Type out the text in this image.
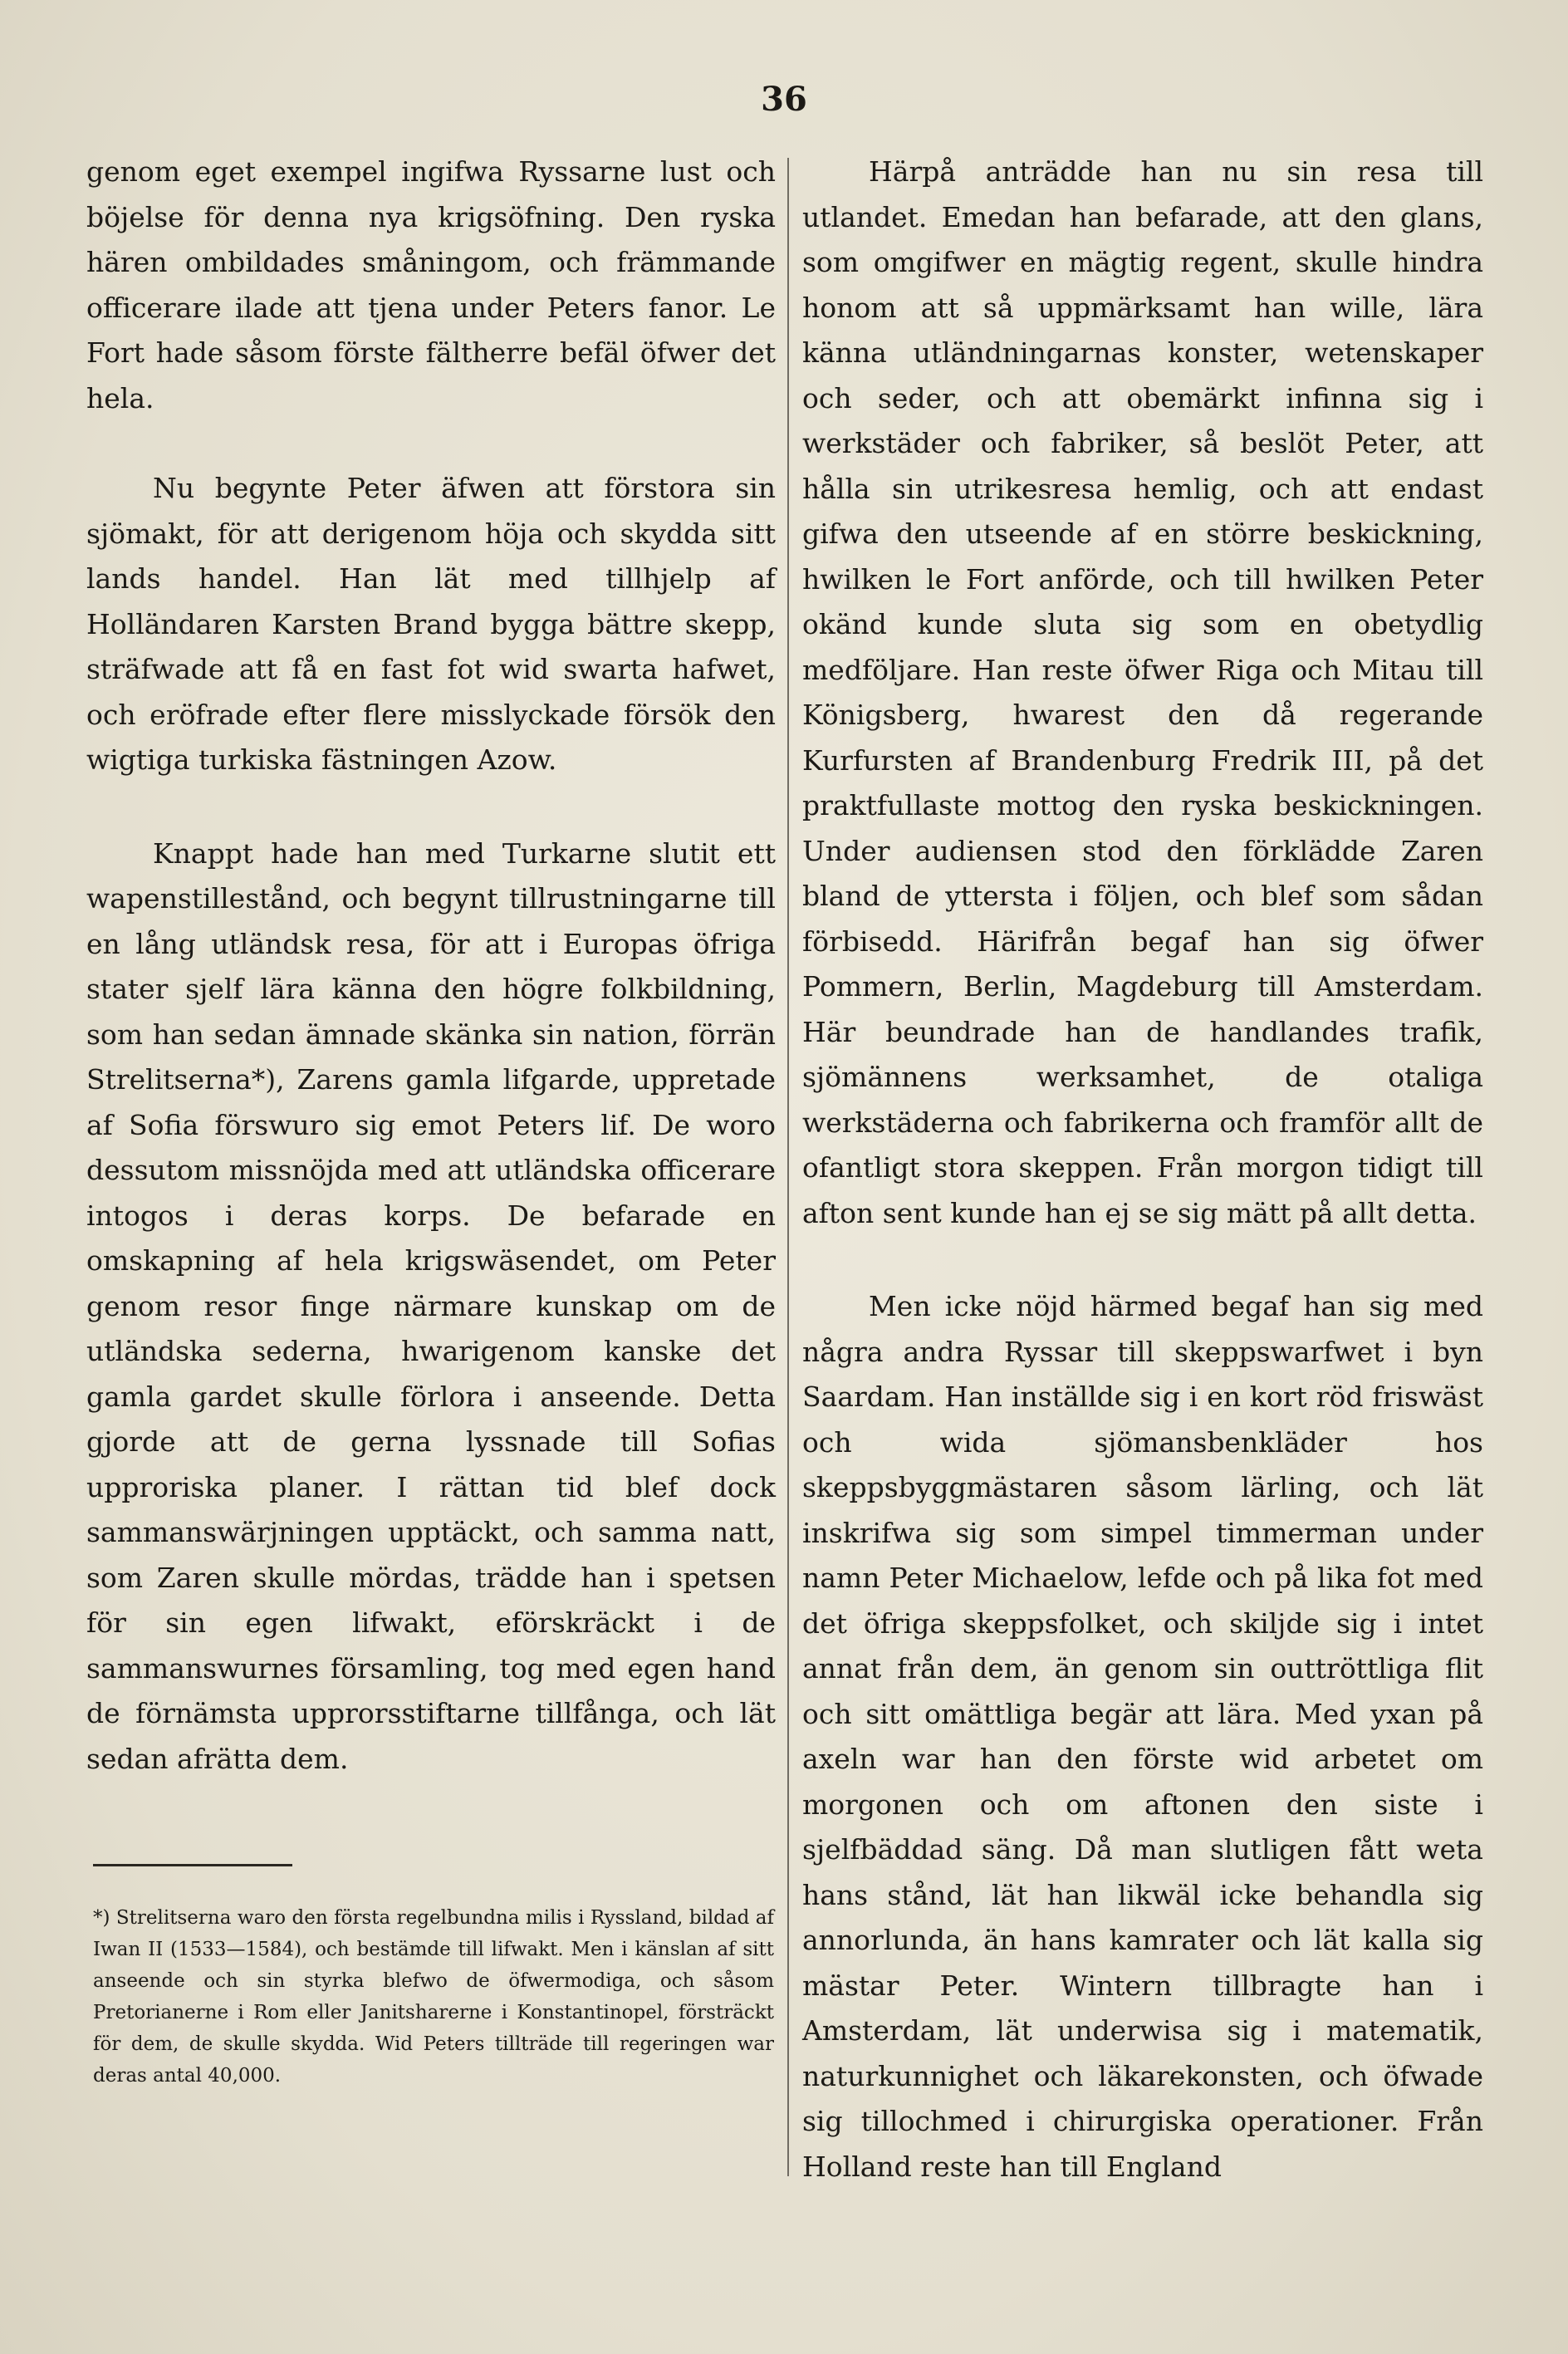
36

genom eget exempel ingifwa Ryssarne lust och böjelse för denna nya krigsöfning. Den ryska hären ombildades småningom, och främmande officerare ilade att tjena under Peters fanor. Le Fort hade såsom förste fältherre befäl öfwer det hela.

Nu begynte Peter äfwen att förstora sin sjömakt, för att derigenom höja och skydda sitt lands handel. Han lät med tillhjelp af Holländaren Karsten Brand bygga bättre skepp, sträfwade att få en fast fot wid swarta hafwet, och eröfrade efter flere misslyckade försök den wigtiga turkiska fästningen Azow.

Knappt hade han med Turkarne slutit ett wapenstillestånd, och begynt tillrustningarne till en lång utländsk resa, för att i Europas öfriga stater sjelf lära känna den högre folkbildning, som han sedan ämnade skänka sin nation, förrän Strelitserna*), Zarens gamla lifgarde, uppretade af Sofia förswuro sig emot Peters lif. De woro dessutom missnöjda med att utländska officerare intogos i deras korps. De befarade en omskapning af hela krigswäsendet, om Peter genom resor finge närmare kunskap om de utländska sederna, hwarigenom kanske det gamla gardet skulle förlora i anseende. Detta gjorde att de gerna lyssnade till Sofias upproriska planer. I rättan tid blef dock sammanswärjningen upptäckt, och samma natt, som Zaren skulle mördas, trädde han i spetsen för sin egen lifwakt, eförskräckt i de sammanswurnes församling, tog med egen hand de förnämsta upprorsstiftarne tillfånga, och lät sedan afrätta dem.

Härpå anträdde han nu sin resa till utlandet. Emedan han befarade, att den glans, som omgifwer en mägtig regent, skulle hindra honom att så uppmärksamt han wille, lära känna utländningarnas konster, wetenskaper och seder, och att obemärkt infinna sig i werkstäder och fabriker, så beslöt Peter, att hålla sin utrikesresa hemlig, och att endast gifwa den utseende af en större beskickning, hwilken le Fort anförde, och till hwilken Peter okänd kunde sluta sig som en obetydlig medföljare. Han reste öfwer Riga och Mitau till Königsberg, hwarest den då regerande Kurfursten af Brandenburg Fredrik III, på det praktfullaste mottog den ryska beskickningen. Under audiensen stod den förklädde Zaren bland de yttersta i följen, och blef som sådan förbisedd. Härifrån begaf han sig öfwer Pommern, Berlin, Magdeburg till Amsterdam. Här beundrade han de handlandes trafik, sjömännens werksamhet, de otaliga werkstäderna och fabrikerna och framför allt de ofantligt stora skeppen. Från morgon tidigt till afton sent kunde han ej se sig mätt på allt detta.

Men icke nöjd härmed begaf han sig med några andra Ryssar till skeppswarfwet i byn Saardam. Han inställde sig i en kort röd friswäst och wida sjömansbenkläder hos skeppsbyggmästaren såsom lärling, och lät inskrifwa sig som simpel timmerman under namn Peter Michaelow, lefde och på lika fot med det öfriga skeppsfolket, och skiljde sig i intet annat från dem, än genom sin outtröttliga flit och sitt omättliga begär att lära. Med yxan på axeln war han den förste wid arbetet om morgonen och om aftonen den siste i sjelfbäddad säng. Då man slutligen fått weta hans stånd, lät han likwäl icke behandla sig annorlunda, än hans kamrater och lät kalla sig mästar Peter. Wintern tillbragte han i Amsterdam, lät underwisa sig i matematik, naturkunnighet och läkarekonsten, och öfwade sig tillochmed i chirurgiska operationer. Från Holland reste han till England

*) Strelitserna waro den första regelbundna milis i Ryssland, bildad af Iwan II (1533—1584), och bestämde till lifwakt. Men i känslan af sitt anseende och sin styrka blefwo de öfwermodiga, och såsom Pretorianerne i Rom eller Janitsharerne i Konstantinopel, försträckt för dem, de skulle skydda. Wid Peters tillträde till regeringen war deras antal 40,000.
